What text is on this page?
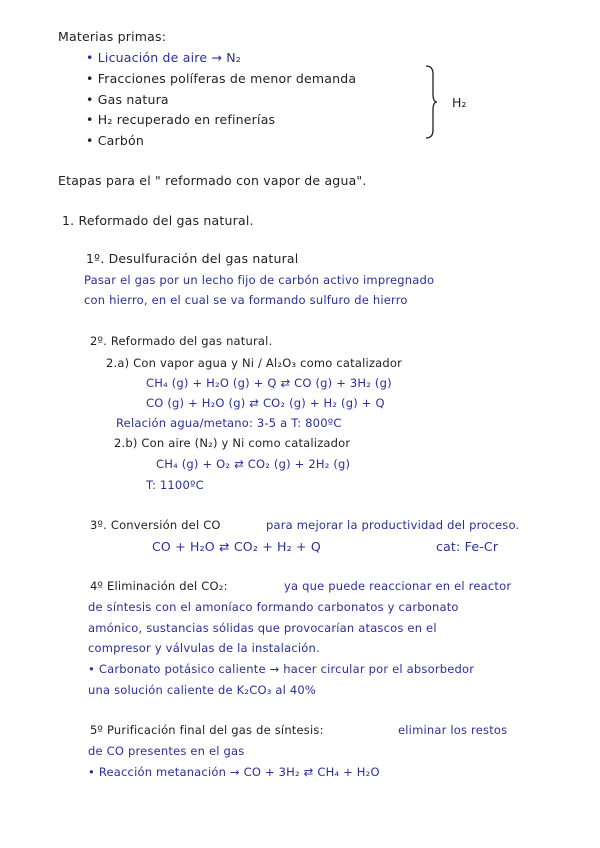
Materias primas:
• Licuación de aire → N₂
• Fracciones políferas de menor demanda
• Gas natura
• H₂ recuperado en refinerías
• Carbón
H₂
Etapas para el " reformado con vapor de agua".
1. Reformado del gas natural.
1º. Desulfuración del gas natural
Pasar el gas por un lecho fijo de carbón activo impregnado
con hierro, en el cual se va formando sulfuro de hierro
2º. Reformado del gas natural.
2.a) Con vapor agua y Ni / Al₂O₃ como catalizador
CH₄ (g) + H₂O (g) + Q ⇄ CO (g) + 3H₂ (g)
CO (g) + H₂O (g) ⇄ CO₂ (g) + H₂ (g) + Q
Relación agua/metano: 3-5 a T: 800ºC
2.b) Con aire (N₂) y Ni como catalizador
CH₄ (g) + O₂ ⇄ CO₂ (g) + 2H₂ (g)
T: 1100ºC
3º. Conversión del CO	para mejorar la productividad del proceso.
CO + H₂O ⇄ CO₂ + H₂ + Q	cat: Fe-Cr
4º Eliminación del CO₂:	ya que puede reaccionar en el reactor
de síntesis con el amoníaco formando carbonatos y carbonato
amónico, sustancias sólidas que provocarían atascos en el
compresor y válvulas de la instalación.
• Carbonato potásico caliente → hacer circular por el absorbedor
una solución caliente de K₂CO₃ al 40%
5º Purificación final del gas de síntesis:	eliminar los restos
de CO presentes en el gas
• Reacción metanación → CO + 3H₂ ⇄ CH₄ + H₂O
